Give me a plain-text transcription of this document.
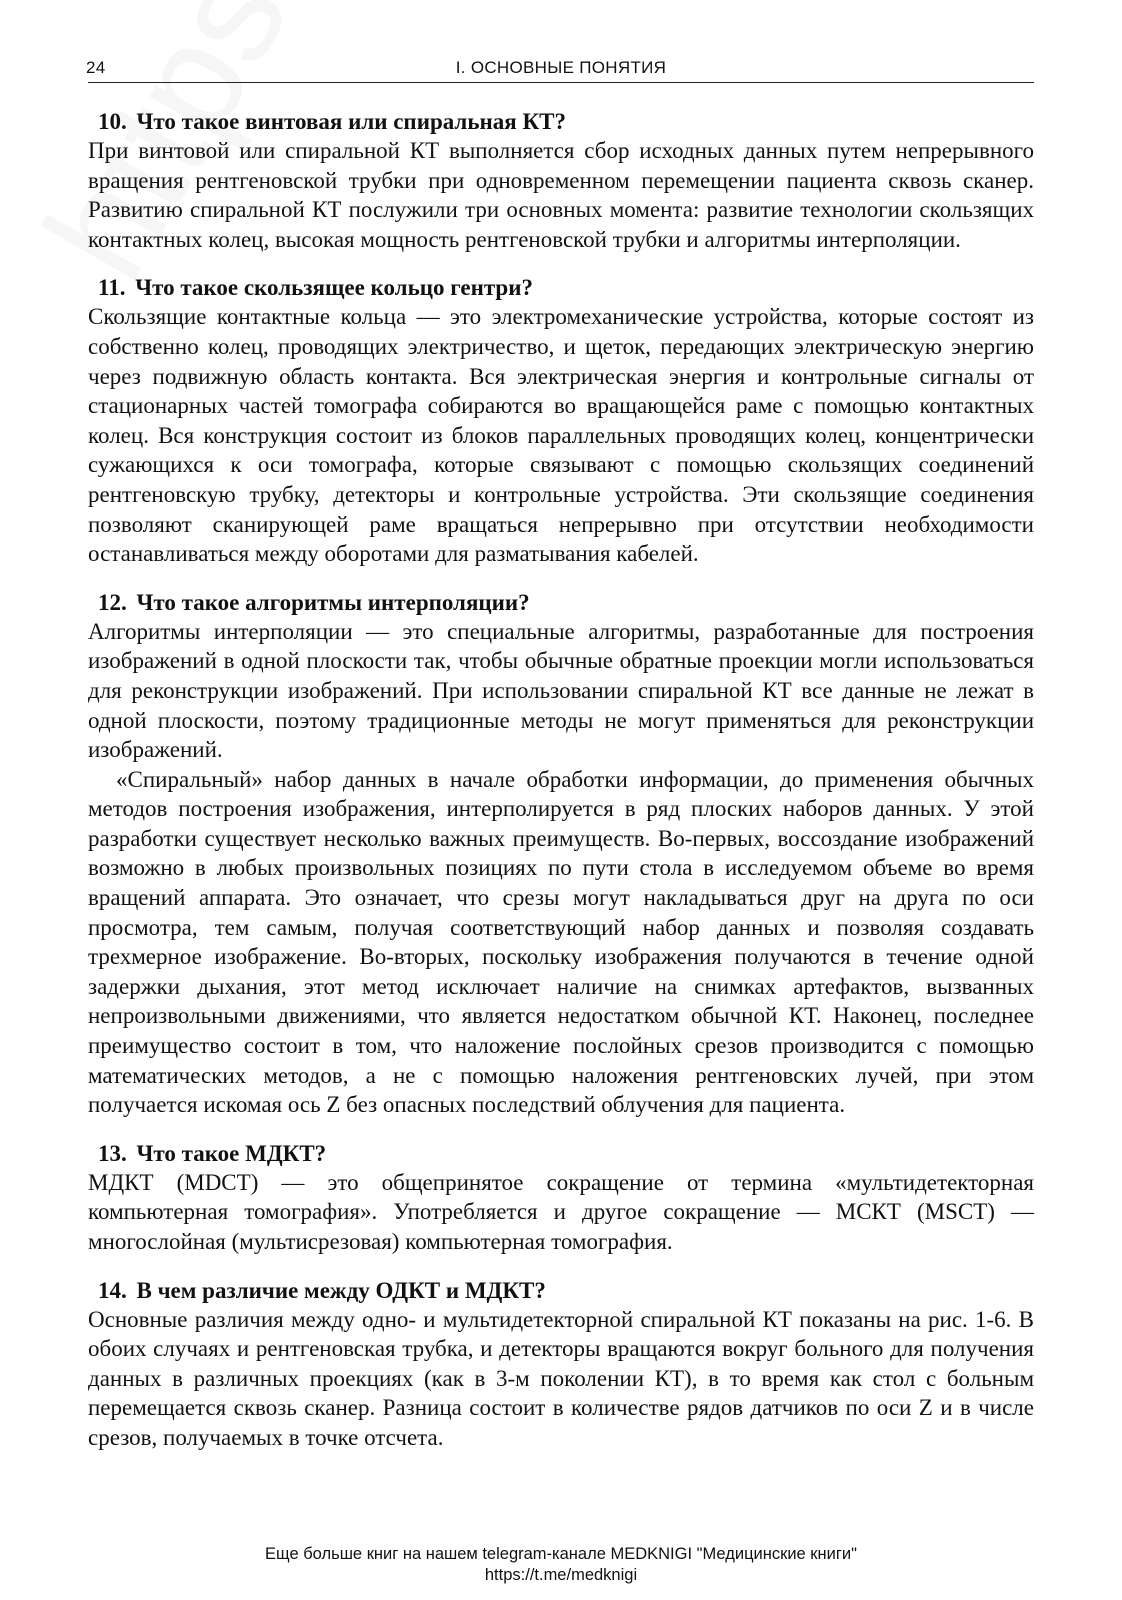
24	I. ОСНОВНЫЕ ПОНЯТИЯ
10. Что такое винтовая или спиральная КТ?

При винтовой или спиральной КТ выполняется сбор исходных данных путем непрерывного вращения рентгеновской трубки при одновременном перемещении пациента сквозь сканер. Развитию спиральной КТ послужили три основных момента: развитие технологии скользящих контактных колец, высокая мощность рентгеновской трубки и алгоритмы интерполяции.

11. Что такое скользящее кольцо гентри?

Скользящие контактные кольца — это электромеханические устройства, которые состоят из собственно колец, проводящих электричество, и щеток, передающих электрическую энергию через подвижную область контакта. Вся электрическая энергия и контрольные сигналы от стационарных частей томографа собираются во вращающейся раме с помощью контактных колец. Вся конструкция состоит из блоков параллельных проводящих колец, концентрически сужающихся к оси томографа, которые связывают с помощью скользящих соединений рентгеновскую трубку, детекторы и контрольные устройства. Эти скользящие соединения позволяют сканирующей раме вращаться непрерывно при отсутствии необходимости останавливаться между оборотами для разматывания кабелей.

12. Что такое алгоритмы интерполяции?

Алгоритмы интерполяции — это специальные алгоритмы, разработанные для построения изображений в одной плоскости так, чтобы обычные обратные проекции могли использоваться для реконструкции изображений. При использовании спиральной КТ все данные не лежат в одной плоскости, поэтому традиционные методы не могут применяться для реконструкции изображений.

«Спиральный» набор данных в начале обработки информации, до применения обычных методов построения изображения, интерполируется в ряд плоских наборов данных. У этой разработки существует несколько важных преимуществ. Во-первых, воссоздание изображений возможно в любых произвольных позициях по пути стола в исследуемом объеме во время вращений аппарата. Это означает, что срезы могут накладываться друг на друга по оси просмотра, тем самым, получая соответствующий набор данных и позволяя создавать трехмерное изображение. Во-вторых, поскольку изображения получаются в течение одной задержки дыхания, этот метод исключает наличие на снимках артефактов, вызванных непроизвольными движениями, что является недостатком обычной КТ. Наконец, последнее преимущество состоит в том, что наложение послойных срезов производится с помощью математических методов, а не с помощью наложения рентгеновских лучей, при этом получается искомая ось Z без опасных последствий облучения для пациента.

13. Что такое МДКТ?

МДКТ (MDCT) — это общепринятое сокращение от термина «мультидетекторная компьютерная томография». Употребляется и другое сокращение — МСКТ (MSCT) — многослойная (мультисрезовая) компьютерная томография.

14. В чем различие между ОДКТ и МДКТ?

Основные различия между одно- и мультидетекторной спиральной КТ показаны на рис. 1-6. В обоих случаях и рентгеновская трубка, и детекторы вращаются вокруг больного для получения данных в различных проекциях (как в 3-м поколении КТ), в то время как стол с больным перемещается сквозь сканер. Разница состоит в количестве рядов датчиков по оси Z и в числе срезов, получаемых в точке отсчета.

Еще больше книг на нашем telegram-канале MEDKNIGI "Медицинские книги"
https://t.me/medknigi
